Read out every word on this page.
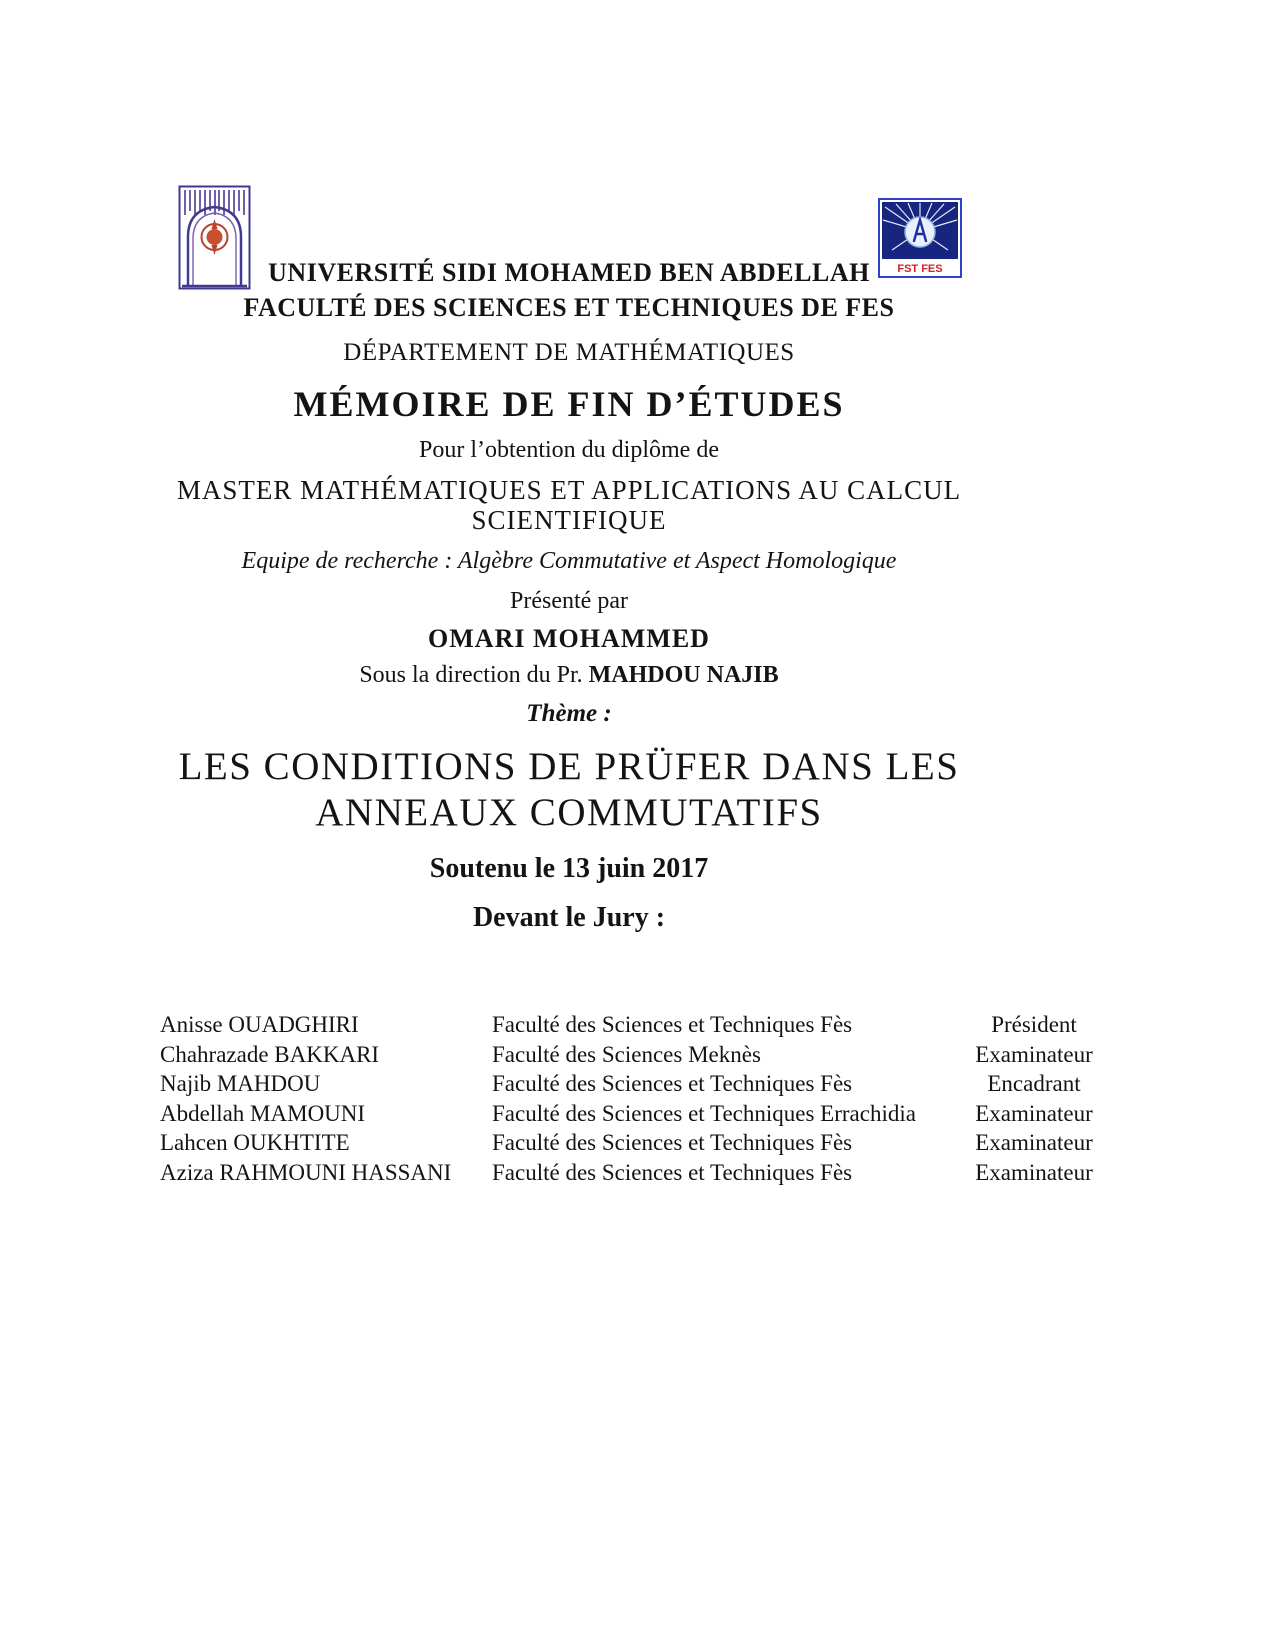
FST FES
UNIVERSITÉ SIDI MOHAMED BEN ABDELLAH
FACULTÉ DES SCIENCES ET TECHNIQUES DE FES
DÉPARTEMENT DE MATHÉMATIQUES
MÉMOIRE DE FIN D’ÉTUDES
Pour l’obtention du diplôme de
MASTER MATHÉMATIQUES ET APPLICATIONS AU CALCUL
SCIENTIFIQUE
Equipe de recherche : Algèbre Commutative et Aspect Homologique
Présenté par
OMARI MOHAMMED
Sous la direction du Pr. MAHDOU NAJIB
Thème :
LES CONDITIONS DE PRÜFER DANS LES
ANNEAUX COMMUTATIFS
Soutenu le 13 juin 2017
Devant le Jury :
Anisse OUADGHIRI	Faculté des Sciences et Techniques Fès	Président
Chahrazade BAKKARI	Faculté des Sciences Meknès	Examinateur
Najib MAHDOU	Faculté des Sciences et Techniques Fès	Encadrant
Abdellah MAMOUNI	Faculté des Sciences et Techniques Errachidia	Examinateur
Lahcen OUKHTITE	Faculté des Sciences et Techniques Fès	Examinateur
Aziza RAHMOUNI HASSANI	Faculté des Sciences et Techniques Fès	Examinateur
